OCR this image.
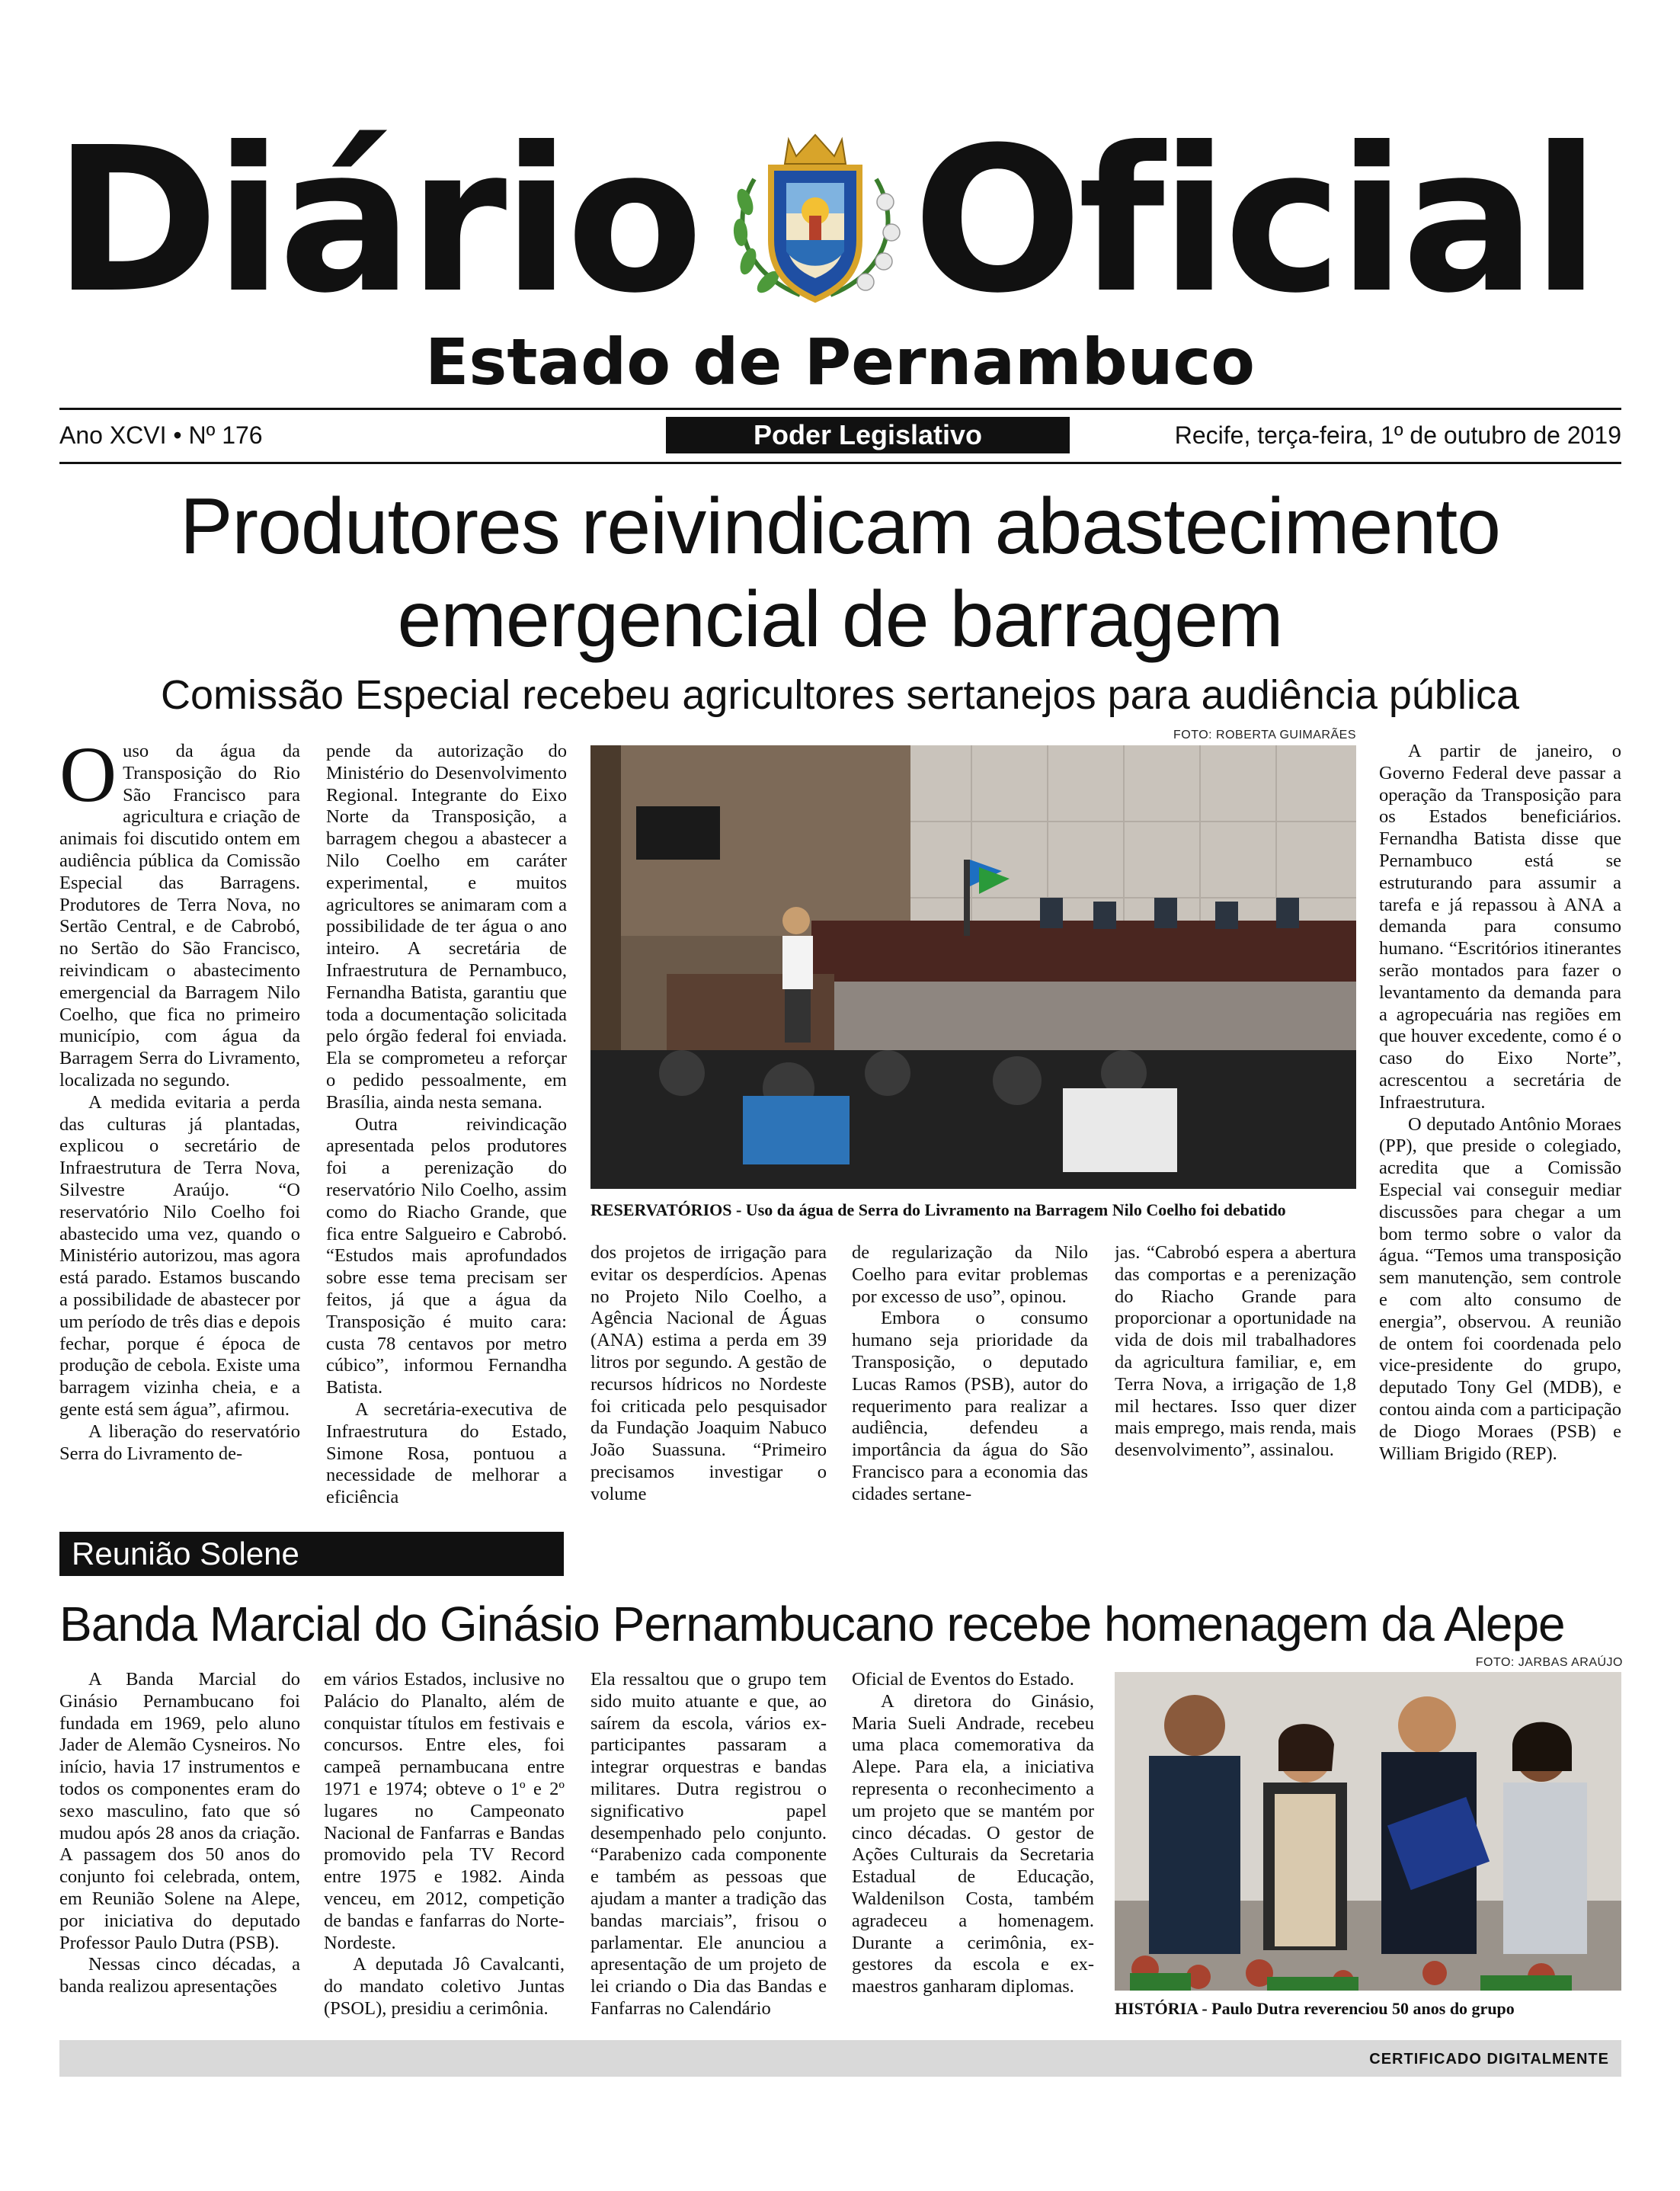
Diário Oficial
Estado de Pernambuco
Ano XCVI • Nº 176	Poder Legislativo	Recife, terça-feira, 1º de outubro de 2019
Produtores reivindicam abastecimento emergencial de barragem
Comissão Especial recebeu agricultores sertanejos para audiência pública

Ouso da água da Transposição do Rio São Francisco para agricultura e criação de animais foi discutido ontem em audiência pública da Comissão Especial das Barragens. Produtores de Terra Nova, no Sertão Central, e de Cabrobó, no Sertão do São Francisco, reivindicam o abastecimento emergencial da Barragem Nilo Coelho, que fica no primeiro município, com água da Barragem Serra do Livramento, localizada no segundo.

A medida evitaria a perda das culturas já plantadas, explicou o secretário de Infraestrutura de Terra Nova, Silvestre Araújo. “O reservatório Nilo Coelho foi abastecido uma vez, quando o Ministério autorizou, mas agora está parado. Estamos buscando a possibilidade de abastecer por um período de três dias e depois fechar, porque é época de produção de cebola. Existe uma barragem vizinha cheia, e a gente está sem água”, afirmou.

A liberação do reservatório Serra do Livramento de-

pende da autorização do Ministério do Desenvolvimento Regional. Integrante do Eixo Norte da Transposição, a barragem chegou a abastecer a Nilo Coelho em caráter experimental, e muitos agricultores se animaram com a possibilidade de ter água o ano inteiro. A secretária de Infraestrutura de Pernambuco, Fernandha Batista, garantiu que toda a documentação solicitada pelo órgão federal foi enviada. Ela se comprometeu a reforçar o pedido pessoalmente, em Brasília, ainda nesta semana.

Outra reivindicação apresentada pelos produtores foi a perenização do reservatório Nilo Coelho, assim como do Riacho Grande, que fica entre Salgueiro e Cabrobó. “Estudos mais aprofundados sobre esse tema precisam ser feitos, já que a água da Transposição é muito cara: custa 78 centavos por metro cúbico”, informou Fernandha Batista.

A secretária-executiva de Infraestrutura do Estado, Simone Rosa, pontuou a necessidade de melhorar a eficiência

FOTO: ROBERTA GUIMARÃES
RESERVATÓRIOS - Uso da água de Serra do Livramento na Barragem Nilo Coelho foi debatido

dos projetos de irrigação para evitar os desperdícios. Apenas no Projeto Nilo Coelho, a Agência Nacional de Águas (ANA) estima a perda em 39 litros por segundo. A gestão de recursos hídricos no Nordeste foi criticada pelo pesquisador da Fundação Joaquim Nabuco João Suassuna. “Primeiro precisamos investigar o volume

de regularização da Nilo Coelho para evitar problemas por excesso de uso”, opinou.

Embora o consumo humano seja prioridade da Transposição, o deputado Lucas Ramos (PSB), autor do requerimento para realizar a audiência, defendeu a importância da água do São Francisco para a economia das cidades sertane-

jas. “Cabrobó espera a abertura das comportas e a perenização do Riacho Grande para proporcionar a oportunidade na vida de dois mil trabalhadores da agricultura familiar, e, em Terra Nova, a irrigação de 1,8 mil hectares. Isso quer dizer mais emprego, mais renda, mais desenvolvimento”, assinalou.

A partir de janeiro, o Governo Federal deve passar a operação da Transposição para os Estados beneficiários. Fernandha Batista disse que Pernambuco está se estruturando para assumir a tarefa e já repassou à ANA a demanda para consumo humano. “Escritórios itinerantes serão montados para fazer o levantamento da demanda para a agropecuária nas regiões em que houver excedente, como é o caso do Eixo Norte”, acrescentou a secretária de Infraestrutura.

O deputado Antônio Moraes (PP), que preside o colegiado, acredita que a Comissão Especial vai conseguir mediar discussões para chegar a um bom termo sobre o valor da água. “Temos uma transposição sem manutenção, sem controle e com alto consumo de energia”, observou. A reunião de ontem foi coordenada pelo vice-presidente do grupo, deputado Tony Gel (MDB), e contou ainda com a participação de Diogo Moraes (PSB) e William Brigido (REP).

Reunião Solene
Banda Marcial do Ginásio Pernambucano recebe homenagem da Alepe

A Banda Marcial do Ginásio Pernambucano foi fundada em 1969, pelo aluno Jader de Alemão Cysneiros. No início, havia 17 instrumentos e todos os componentes eram do sexo masculino, fato que só mudou após 28 anos da criação. A passagem dos 50 anos do conjunto foi celebrada, ontem, em Reunião Solene na Alepe, por iniciativa do deputado Professor Paulo Dutra (PSB).

Nessas cinco décadas, a banda realizou apresentações

em vários Estados, inclusive no Palácio do Planalto, além de conquistar títulos em festivais e concursos. Entre eles, foi campeã pernambucana entre 1971 e 1974; obteve o 1º e 2º lugares no Campeonato Nacional de Fanfarras e Bandas promovido pela TV Record entre 1975 e 1982. Ainda venceu, em 2012, competição de bandas e fanfarras do Norte-Nordeste.

A deputada Jô Cavalcanti, do mandato coletivo Juntas (PSOL), presidiu a cerimônia.

Ela ressaltou que o grupo tem sido muito atuante e que, ao saírem da escola, vários ex-participantes passaram a integrar orquestras e bandas militares. Dutra registrou o significativo papel desempenhado pelo conjunto. “Parabenizo cada componente e também as pessoas que ajudam a manter a tradição das bandas marciais”, frisou o parlamentar. Ele anunciou a apresentação de um projeto de lei criando o Dia das Bandas e Fanfarras no Calendário

Oficial de Eventos do Estado.

A diretora do Ginásio, Maria Sueli Andrade, recebeu uma placa comemorativa da Alepe. Para ela, a iniciativa representa o reconhecimento a um projeto que se mantém por cinco décadas. O gestor de Ações Culturais da Secretaria Estadual de Educação, Waldenilson Costa, também agradeceu a homenagem. Durante a cerimônia, ex-gestores da escola e ex-maestros ganharam diplomas.

FOTO: JARBAS ARAÚJO
HISTÓRIA - Paulo Dutra reverenciou 50 anos do grupo
CERTIFICADO DIGITALMENTE
